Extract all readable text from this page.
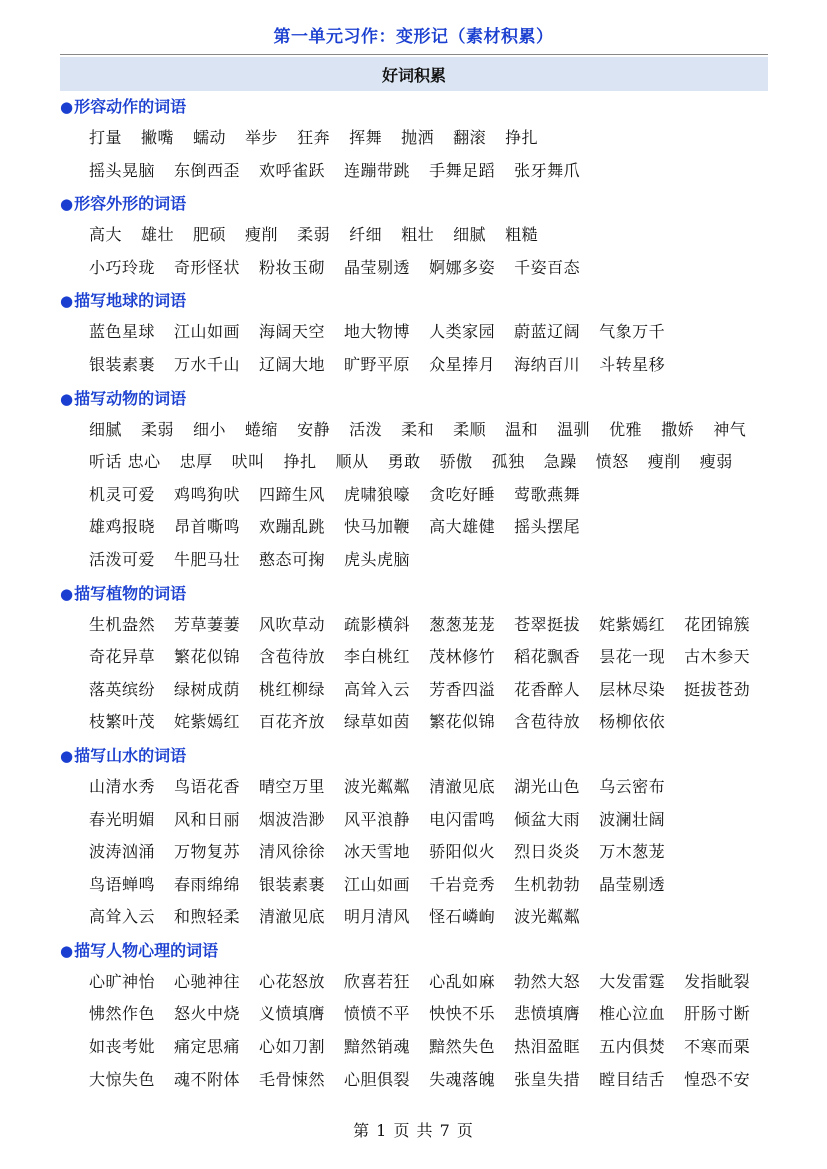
第一单元习作：变形记（素材积累）
好词积累
●形容动作的词语
打量 撇嘴 蠕动 举步 狂奔 挥舞 抛洒 翻滚 挣扎
摇头晃脑 东倒西歪 欢呼雀跃 连蹦带跳 手舞足蹈 张牙舞爪
●形容外形的词语
高大 雄壮 肥硕 瘦削 柔弱 纤细 粗壮 细腻 粗糙
小巧玲珑 奇形怪状 粉妆玉砌 晶莹剔透 婀娜多姿 千姿百态
●描写地球的词语
蓝色星球 江山如画 海阔天空 地大物博 人类家园 蔚蓝辽阔 气象万千
银装素裹 万水千山 辽阔大地 旷野平原 众星捧月 海纳百川 斗转星移
●描写动物的词语
细腻 柔弱 细小 蜷缩 安静 活泼 柔和 柔顺 温和 温驯 优雅 撒娇 神气
听话 忠心 忠厚 吠叫 挣扎 顺从 勇敢 骄傲 孤独 急躁 愤怒 瘦削 瘦弱
机灵可爱 鸡鸣狗吠 四蹄生风 虎啸狼嚎 贪吃好睡 莺歌燕舞
雄鸡报晓 昂首嘶鸣 欢蹦乱跳 快马加鞭 高大雄健 摇头摆尾
活泼可爱 牛肥马壮 憨态可掬 虎头虎脑
●描写植物的词语
生机盎然 芳草萋萋 风吹草动 疏影横斜 葱葱茏茏 苍翠挺拔 姹紫嫣红 花团锦簇
奇花异草 繁花似锦 含苞待放 李白桃红 茂林修竹 稻花飘香 昙花一现 古木参天
落英缤纷 绿树成荫 桃红柳绿 高耸入云 芳香四溢 花香醉人 层林尽染 挺拔苍劲
枝繁叶茂 姹紫嫣红 百花齐放 绿草如茵 繁花似锦 含苞待放 杨柳依依
●描写山水的词语
山清水秀 鸟语花香 晴空万里 波光粼粼 清澈见底 湖光山色 乌云密布
春光明媚 风和日丽 烟波浩渺 风平浪静 电闪雷鸣 倾盆大雨 波澜壮阔
波涛汹涌 万物复苏 清风徐徐 冰天雪地 骄阳似火 烈日炎炎 万木葱茏
鸟语蝉鸣 春雨绵绵 银装素裹 江山如画 千岩竞秀 生机勃勃 晶莹剔透
高耸入云 和煦轻柔 清澈见底 明月清风 怪石嶙峋 波光粼粼
●描写人物心理的词语
心旷神怡 心驰神往 心花怒放 欣喜若狂 心乱如麻 勃然大怒 大发雷霆 发指眦裂
怫然作色 怒火中烧 义愤填膺 愤愤不平 怏怏不乐 悲愤填膺 椎心泣血 肝肠寸断
如丧考妣 痛定思痛 心如刀割 黯然销魂 黯然失色 热泪盈眶 五内俱焚 不寒而栗
大惊失色 魂不附体 毛骨悚然 心胆俱裂 失魂落魄 张皇失措 瞠目结舌 惶恐不安
第 1 页 共 7 页
